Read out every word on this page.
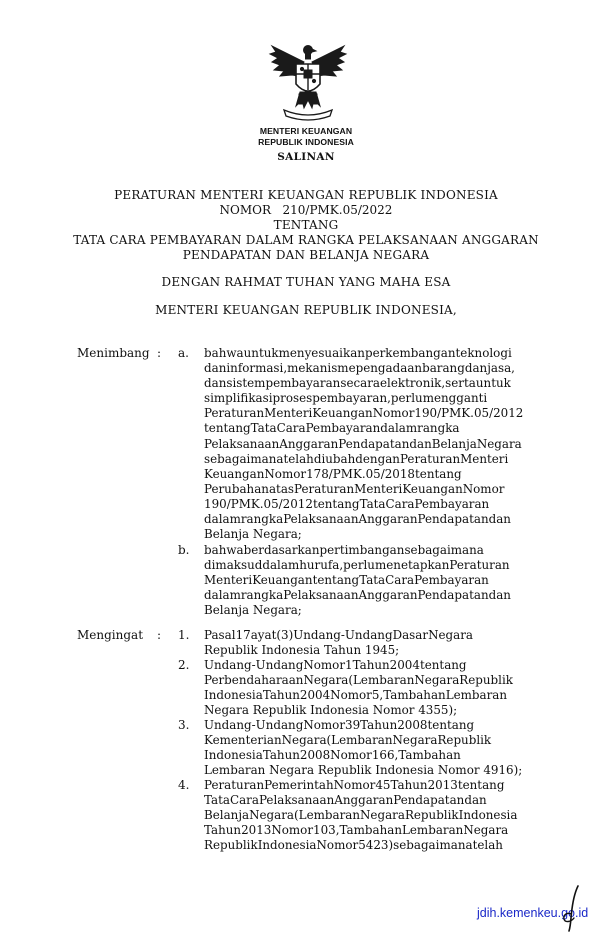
MENTERI KEUANGAN
REPUBLIK INDONESIA
SALINAN
PERATURAN MENTERI KEUANGAN REPUBLIK INDONESIA
NOMOR 210/PMK.05/2022
TENTANG
TATA CARA PEMBAYARAN DALAM RANGKA PELAKSANAAN ANGGARAN
PENDAPATAN DAN BELANJA NEGARA
DENGAN RAHMAT TUHAN YANG MAHA ESA
MENTERI KEUANGAN REPUBLIK INDONESIA,
Menimbang : a. bahwauntukmenyesuaikanperkembanganteknologi
daninformasi,mekanismepengadaanbarangdanjasa,
dansistempembayaransecaraelektronik,sertauntuk
simplifikasiprosespembayaran,perlumengganti
PeraturanMenteriKeuanganNomor190/PMK.05/2012
tentangTataCaraPembayarandalamrangka
PelaksanaanAnggaranPendapatandanBelanjaNegara
sebagaimanatelahdiubahdenganPeraturanMenteri
KeuanganNomor178/PMK.05/2018tentang
PerubahanatasPeraturanMenteriKeuanganNomor
190/PMK.05/2012tentangTataCaraPembayaran
dalamrangkaPelaksanaanAnggaranPendapatandan
Belanja Negara;
b. bahwaberdasarkanpertimbangansebagaimana
dimaksuddalamhurufa,perlumenetapkanPeraturan
MenteriKeuangantentangTataCaraPembayaran
dalamrangkaPelaksanaanAnggaranPendapatandan
Belanja Negara;
Mengingat : 1. Pasal17ayat(3)Undang-UndangDasarNegara
Republik Indonesia Tahun 1945;
2. Undang-UndangNomor1Tahun2004tentang
PerbendaharaanNegara(LembaranNegaraRepublik
IndonesiaTahun2004Nomor5,TambahanLembaran
Negara Republik Indonesia Nomor 4355);
3. Undang-UndangNomor39Tahun2008tentang
KementerianNegara(LembaranNegaraRepublik
IndonesiaTahun2008Nomor166,Tambahan
Lembaran Negara Republik Indonesia Nomor 4916);
4. PeraturanPemerintahNomor45Tahun2013tentang
TataCaraPelaksanaanAnggaranPendapatandan
BelanjaNegara(LembaranNegaraRepublikIndonesia
Tahun2013Nomor103,TambahanLembaranNegara
RepublikIndonesiaNomor5423)sebagaimanatelah
jdih.kemenkeu.go.id
